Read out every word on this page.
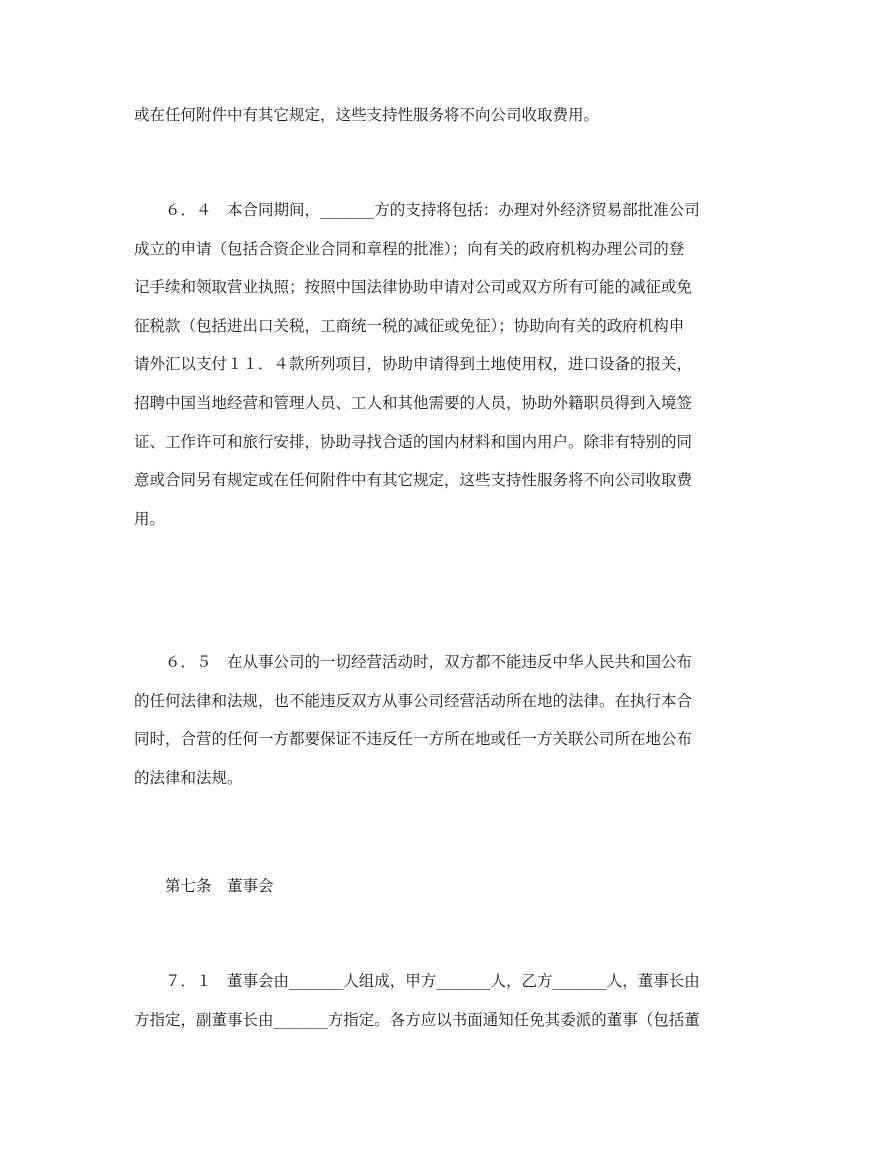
或在任何附件中有其它规定，这些支持性服务将不向公司收取费用。
６．４　本合同期间，_______方的支持将包括：办理对外经济贸易部批准公司
成立的申请（包括合资企业合同和章程的批准）；向有关的政府机构办理公司的登
记手续和领取营业执照；按照中国法律协助申请对公司或双方所有可能的减征或免
征税款（包括进出口关税，工商统一税的减征或免征）；协助向有关的政府机构申
请外汇以支付１１．４款所列项目，协助申请得到土地使用权，进口设备的报关，
招聘中国当地经营和管理人员、工人和其他需要的人员，协助外籍职员得到入境签
证、工作许可和旅行安排，协助寻找合适的国内材料和国内用户。除非有特别的同
意或合同另有规定或在任何附件中有其它规定，这些支持性服务将不向公司收取费
用。
６．５　在从事公司的一切经营活动时，双方都不能违反中华人民共和国公布
的任何法律和法规，也不能违反双方从事公司经营活动所在地的法律。在执行本合
同时，合营的任何一方都要保证不违反任一方所在地或任一方关联公司所在地公布
的法律和法规。
第七条　董事会
７．１　董事会由_______人组成，甲方_______人，乙方_______人，董事长由
方指定，副董事长由_______方指定。各方应以书面通知任免其委派的董事（包括董
